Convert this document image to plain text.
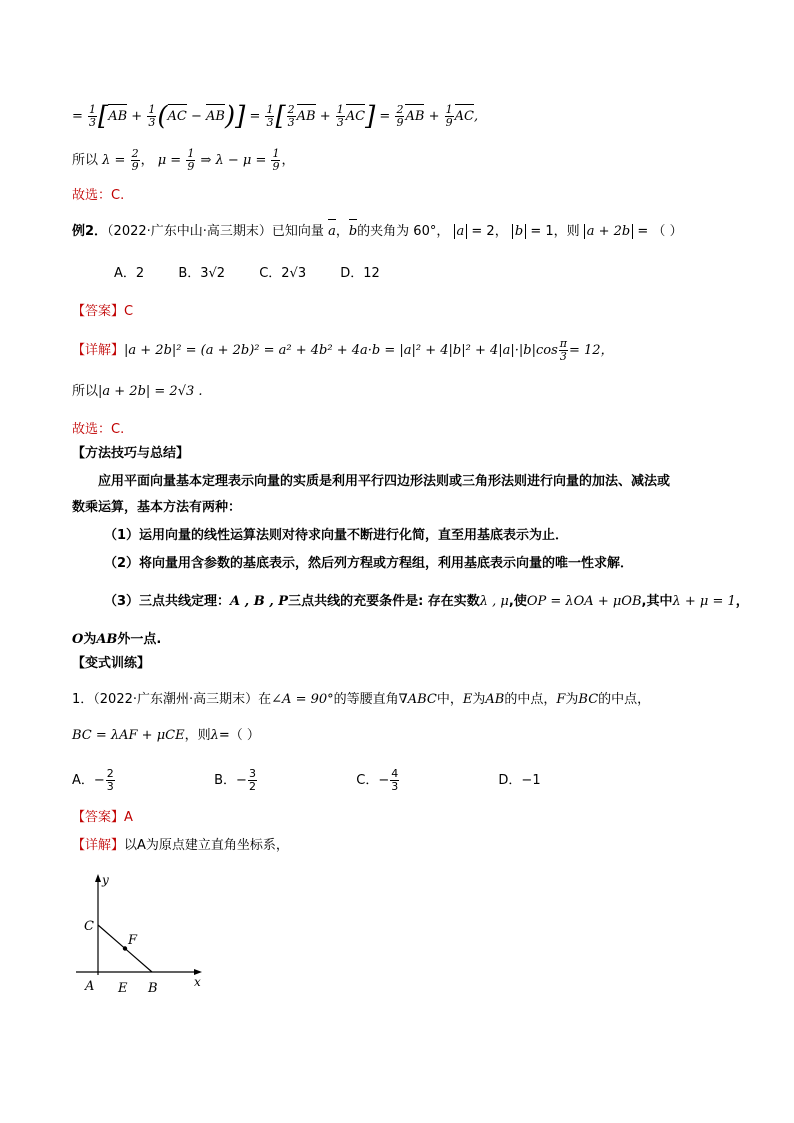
= $\frac{1}{3} [AB + \frac{1}{3} (AC - AB)] = \frac{1}{3}$ [ $\frac{2}{3}$ AB + $\frac{1}{3} AC] = \frac{2}{9}$ AB + $\frac{1}{9}$ AC,
所以 $\lambda = \frac{2}{9}$ ， $\mu = \frac{1}{9}$ ⇒ $\lambda - \mu = \frac{1}{9}$ ，
故选：C.
例2．（2022·广东中山·高三期末）已知向量 a，b的夹角为 60°， a = 2， b = 1，则 a + 2b = （ ）
A．2	B．3√2	C．2√3	D．12
【答案】C
【详解】$|a + 2b|^2 = (a + 2b)^2 = a^2 + 4b^2 + 4a\cdot b = |a|^2 + 4|b|^2 + 4|a|\cdot|b|\cos \frac{\pi}{3} = 12$，
所以|a + 2b| = 2√3 .
故选：C.
【方法技巧与总结】
应用平面向量基本定理表示向量的实质是利用平行四边形法则或三角形法则进行向量的加法、减法或
数乘运算，基本方法有两种：
（1）运用向量的线性运算法则对待求向量不断进行化简，直至用基底表示为止．
（2）将向量用含参数的基底表示，然后列方程或方程组，利用基底表示向量的唯一性求解．
（3）三点共线定理：A , B , P三点共线的充要条件是: 存在实数λ , μ,使OP = λOA + μOB,其中λ + μ = 1，
O为AB外一点.
【变式训练】
1．（2022·广东潮州·高三期末）在∠A = 90°的等腰直角∇ABC中，E为AB的中点，F为BC的中点，
BC = λAF + μCE，则λ=（ ）
A．− $\frac{2}{3}$	B．− $\frac{3}{2}$	C．− $\frac{4}{3}$	D．−1
【答案】A
【详解】以A为原点建立直角坐标系，
y
x
C
F
A E B
